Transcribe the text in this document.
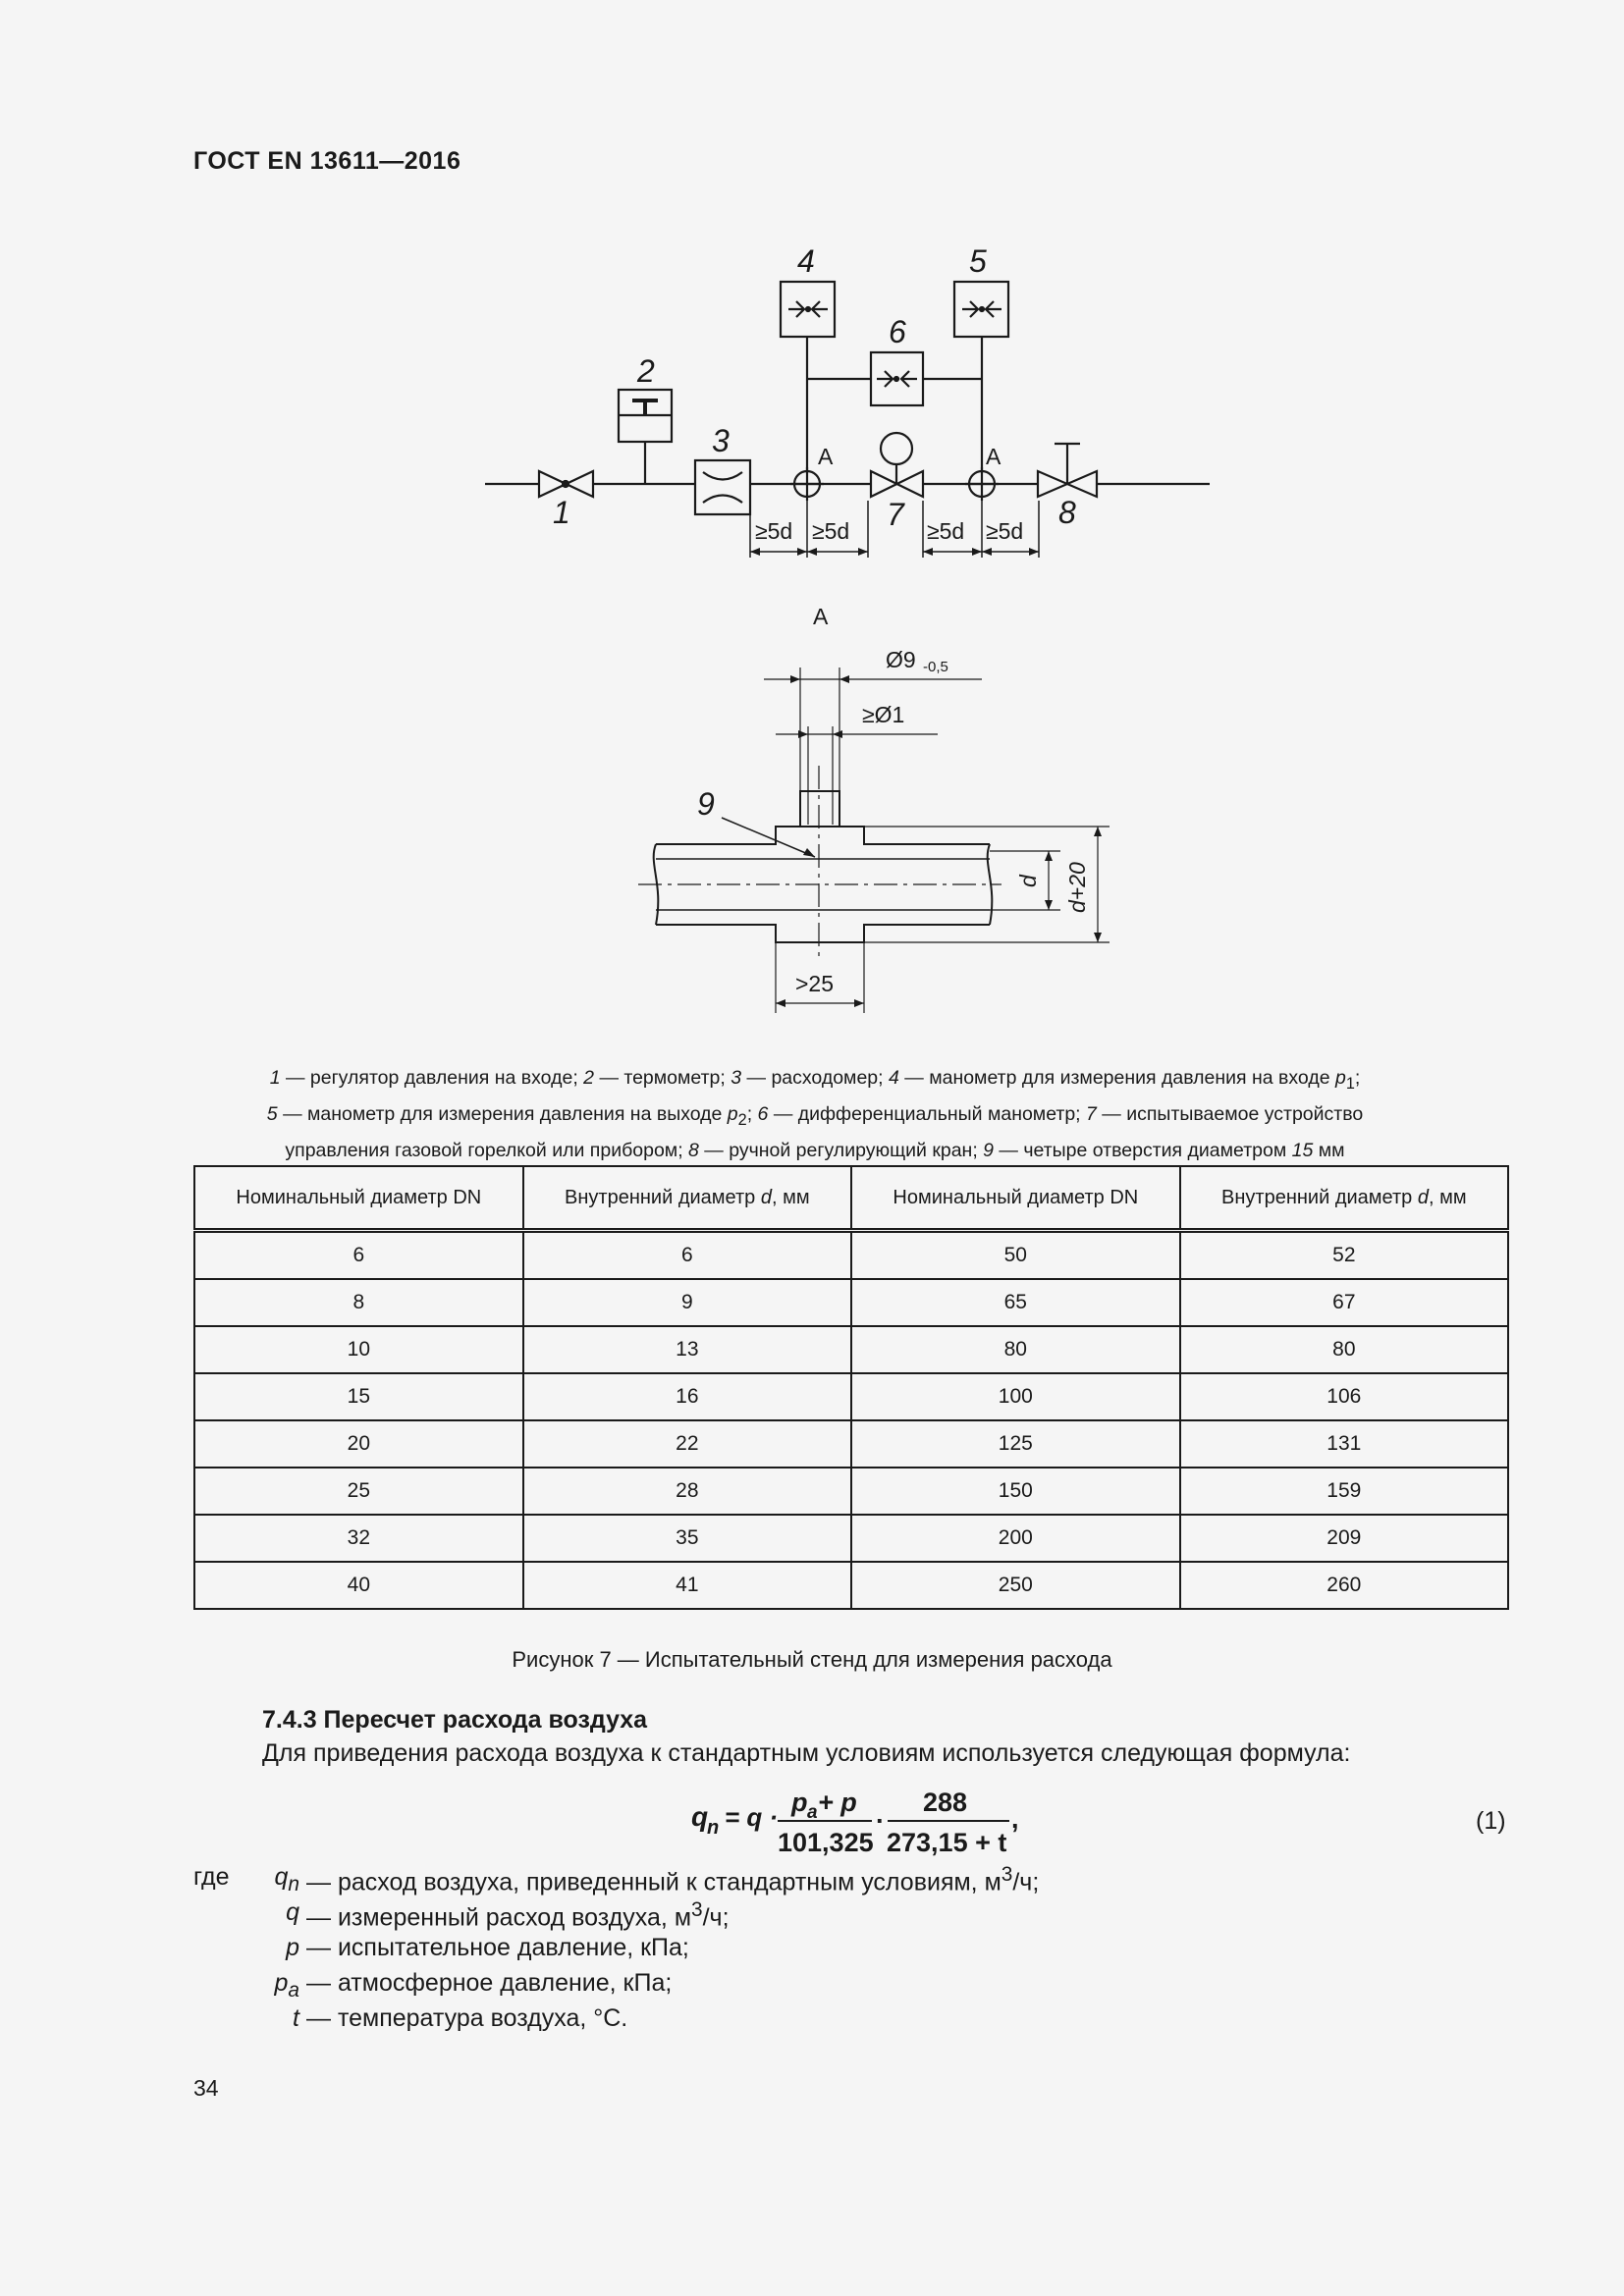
ГОСТ EN 13611—2016
1
2
3
4	5
6
7	8
A	A
≥5d ≥5d	≥5d ≥5d
A
Ø9 -0,5
≥Ø1
>25
9
d d+20
1 — регулятор давления на входе; 2 — термометр; 3 — расходомер; 4 — манометр для измерения давления на входе $p_1$;
5 — манометр для измерения давления на выходе $p_2$; 6 — дифференциальный манометр; 7 — испытываемое устройство
управления газовой горелкой или прибором; 8 — ручной регулирующий кран; 9 — четыре отверстия диаметром 15 мм
Номинальный диаметр DN	Внутренний диаметр d, мм	Номинальный диаметр DN	Внутренний диаметр d, мм
6	6	50	52
8	9	65	67
10	13	80	80
15	16	100	106
20	22	125	131
25	28	150	159
32	35	200	209
40	41	250	260
Рисунок 7 — Испытательный стенд для измерения расхода
7.4.3 Пересчет расхода воздуха
Для приведения расхода воздуха к стандартным условиям используется следующая формула:
q
n = q · p a + p
101,325
·
288
273,15 + t
,	(1)
где	$q_n$ — расход воздуха, приведенный к стандартным условиям, $м^3/ч$;
q — измеренный расход воздуха, $м^3/ч$;
p — испытательное давление, кПа;
$p_a$ — атмосферное давление, кПа;
t — температура воздуха, °С.
34
